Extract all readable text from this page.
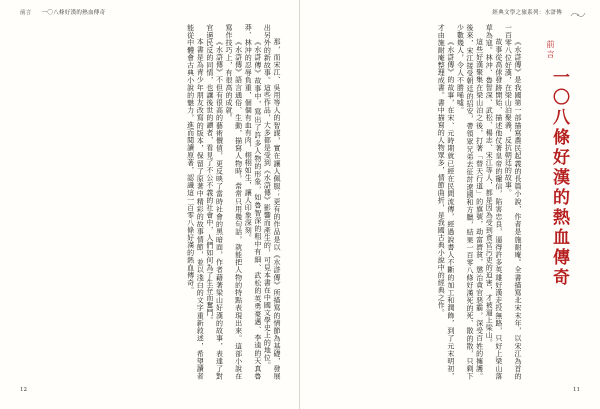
前言 一〇八條好漢的熱血傳奇

那，而宋江、吳用等人的智謀，實在讓人佩服；更有的作品是以《水滸傳》所描寫的情節為基礎，發展出另外的新故事。這些作品，大多都是受到《水滸傳》影響而產生的，可見本書在中國文學史上的地位。

《水滸傳》故事中，寫出了許多人物的形象，如魯智深的粗中有細、武松的英勇豪邁、李逵的天真魯莽、林沖的忍辱負重，個個有血有肉，栩栩如生，讓人印象深刻。

《水滸傳》語言通俗、生動，描寫人物時，常常只用幾句話，就能把人物的特點表現出來。這部小說在寫作技巧上，有很高的成就。

《水滸傳》不但有很高的藝術價值，更反映了當時社會的黑暗面，作者藉著梁山好漢的故事，表達了對官逼民反的同情，也讓後世的讀者，看見了不公不義的社會中，人們如何為了生存而奮鬥。

本書是為青少年朋友改寫的版本，保留了原著中精彩的故事情節，並以淺白的文字重新敘述，希望讀者能從中體會古典小說的魅力，進而閱讀原著，認識這一百零八條好漢的熱血傳奇。

12
經典文學之旅系列：水滸傳
前言
一〇八條好漢的熱血傳奇

《水滸傳》是我國第一部描寫農民起義的長篇小說，作者是施耐庵。全書描寫北宋末年，以宋江為首的一百零八位好漢，在梁山泊聚義，反抗朝廷的故事。

故事從高俅發跡開始，描述他仗著皇帝的寵信，陷害忠良，逼得許多英雄好漢走投無路，只好上梁山落草為寇。林沖、魯智深、武松、楊志、宋江等人，都是因為受到貪官污吏的迫害，才被逼上梁山。

這些好漢聚集在梁山泊之後，打著「替天行道」的旗號，劫富濟貧，懲治貪官惡霸，深受百姓的擁護。後來，宋江接受朝廷的招安，帶領眾兄弟去征討遼國和方臘，結果一百零八條好漢死的死、散的散，只剩下少數幾人，令人不勝唏噓。

《水滸傳》的故事，在宋、元時期就已經在民間流傳，經過說書人不斷的加工和潤飾，到了元末明初，才由施耐庵整理成書。書中描寫的人物眾多，情節曲折，是我國古典小說中的經典之作。

11
